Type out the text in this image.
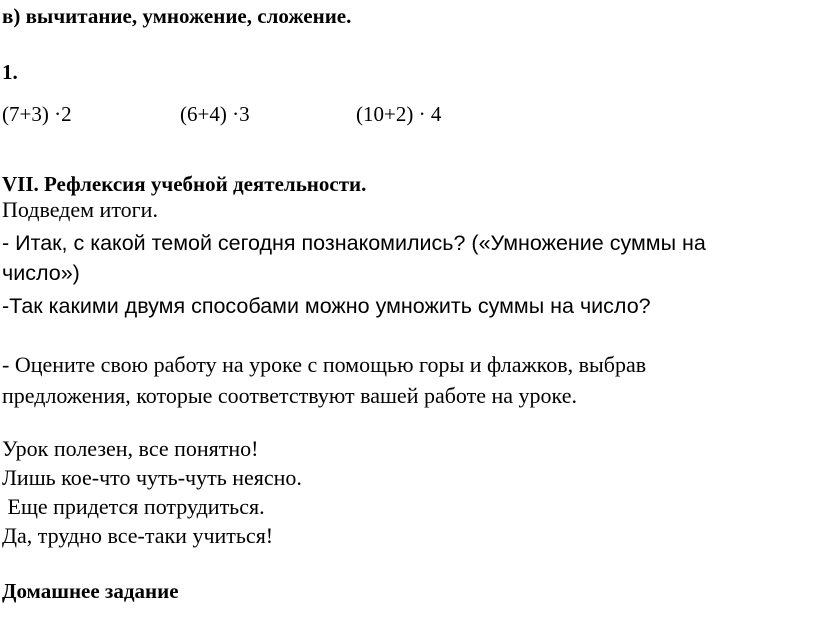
в) вычитание, умножение, сложение.
1.
(7+3) ·2	(6+4) ·3	(10+2) · 4
VII. Рефлексия учебной деятельности.
Подведем итоги.
- Итак, с какой темой сегодня познакомились? («Умножение суммы на
число»)
-Так какими двумя способами можно умножить суммы на число?
- Оцените свою работу на уроке с помощью горы и флажков, выбрав
предложения, которые соответствуют вашей работе на уроке.
Урок полезен, все понятно!
Лишь кое-что чуть-чуть неясно.
Еще придется потрудиться.
Да, трудно все-таки учиться!
Домашнее задание
